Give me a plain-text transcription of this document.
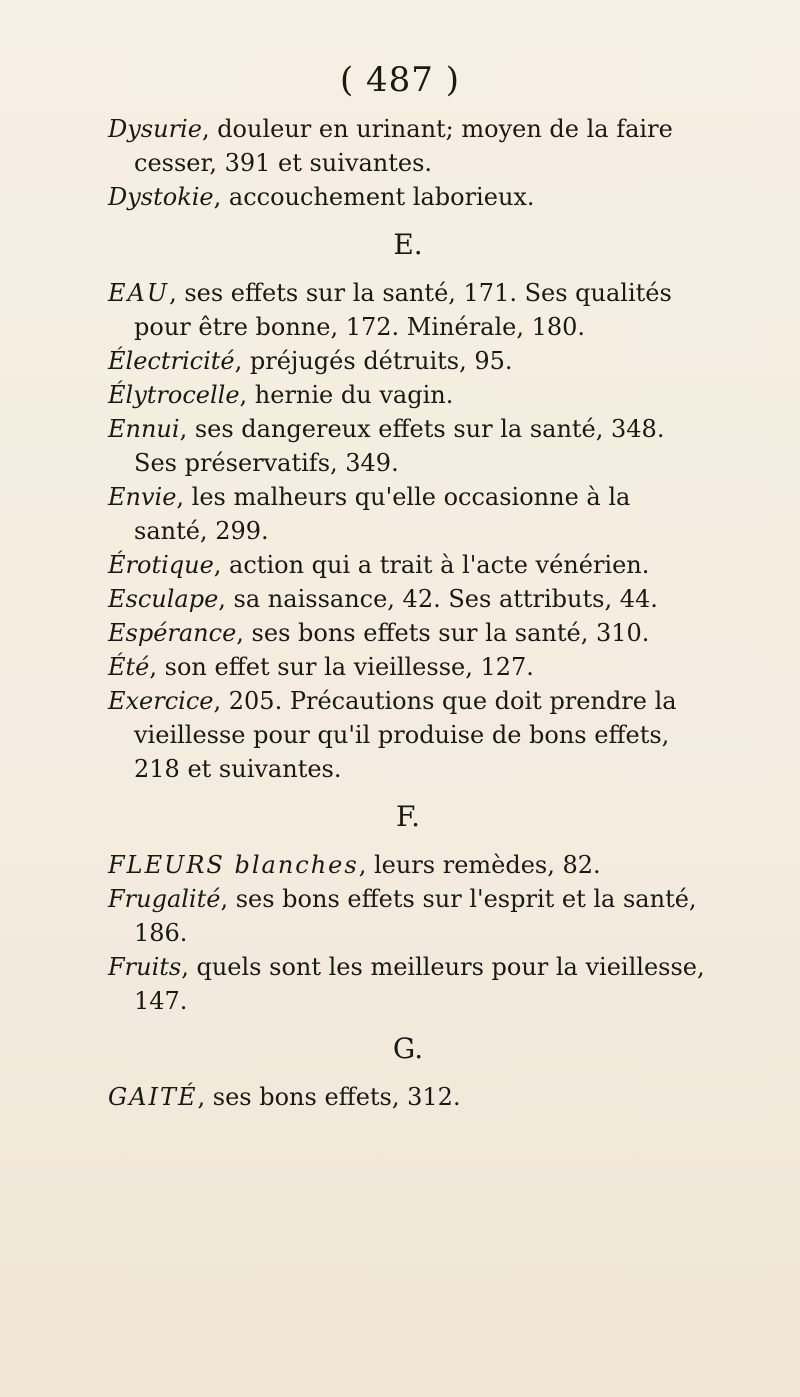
( 487 )

Dysurie, douleur en urinant; moyen de la faire cesser, 391 et suivantes.

Dystokie, accouchement laborieux.

E.

EAU, ses effets sur la santé, 171. Ses qualités pour être bonne, 172. Minérale, 180.

Électricité, préjugés détruits, 95.

Élytrocelle, hernie du vagin.

Ennui, ses dangereux effets sur la santé, 348. Ses préservatifs, 349.

Envie, les malheurs qu'elle occasionne à la santé, 299.

Érotique, action qui a trait à l'acte vénérien.

Esculape, sa naissance, 42. Ses attributs, 44.

Espérance, ses bons effets sur la santé, 310.

Été, son effet sur la vieillesse, 127.

Exercice, 205. Précautions que doit prendre la vieillesse pour qu'il produise de bons effets, 218 et suivantes.

F.

FLEURS blanches, leurs remèdes, 82.

Frugalité, ses bons effets sur l'esprit et la santé, 186.

Fruits, quels sont les meilleurs pour la vieillesse, 147.

G.

GAITÉ, ses bons effets, 312.
